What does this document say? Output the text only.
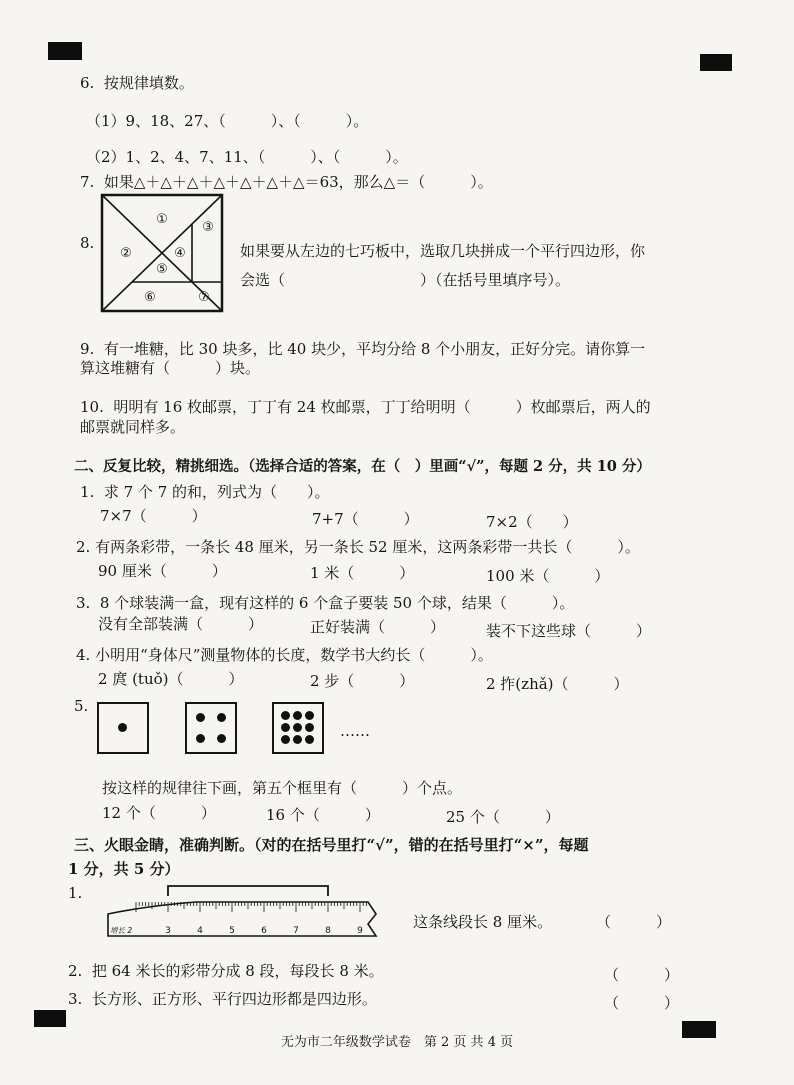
6.  按规律填数。
（1）9、18、27、（　　　）、（　　　）。
（2）1、2、4、7、11、（　　　）、（　　　）。
7.  如果△＋△＋△＋△＋△＋△＋△＝63，那么△＝（　　　）。
8.
①
②
③
④
⑤
⑥	⑦
如果要从左边的七巧板中，选取几块拼成一个平行四边形，你
会选（　　　　　　　　　）（在括号里填序号）。
9.  有一堆糖，比 30 块多，比 40 块少，平均分给 8 个小朋友，正好分完。请你算一
算这堆糖有（　　　）块。
10.  明明有 16 枚邮票，丁丁有 24 枚邮票，丁丁给明明（　　　）枚邮票后，两人的
邮票就同样多。
二、反复比较，精挑细选。（选择合适的答案，在（　）里画“√”，每题 2 分，共 10 分）
1.  求 7 个 7 的和，列式为（　　）。
7×7（　　　）	7+7（　　　）	7×2（　　）
2. 有两条彩带，一条长 48 厘米，另一条长 52 厘米，这两条彩带一共长（　　　）。
90 厘米（　　　）	1 米（　　　）	100 米（　　　）
3.  8 个球装满一盒，现有这样的 6 个盒子要装 50 个球，结果（　　　）。
没有全部装满（　　　）	正好装满（　　　）	装不下这些球（　　　）
4. 小明用“身体尺”测量物体的长度，数学书大约长（　　　）。
2 庹 (tuǒ)（　　　）	2 步（　　　）	2 拃(zhǎ)（　　　）
5.
……
按这样的规律往下画，第五个框里有（　　　）个点。
12 个（　　　）	16 个（　　　）	25 个（　　　）
三、火眼金睛，准确判断。（对的在括号里打“√”，错的在括号里打“×”，每题
1 分，共 5 分）
1.
3	4	5	6	7	8	9
增长 2	这条线段长 8 厘米。	（　　　）
2.  把 64 米长的彩带分成 8 段，每段长 8 米。	（　　　）
3.  长方形、正方形、平行四边形都是四边形。	（　　　）
无为市二年级数学试卷　第 2 页 共 4 页
